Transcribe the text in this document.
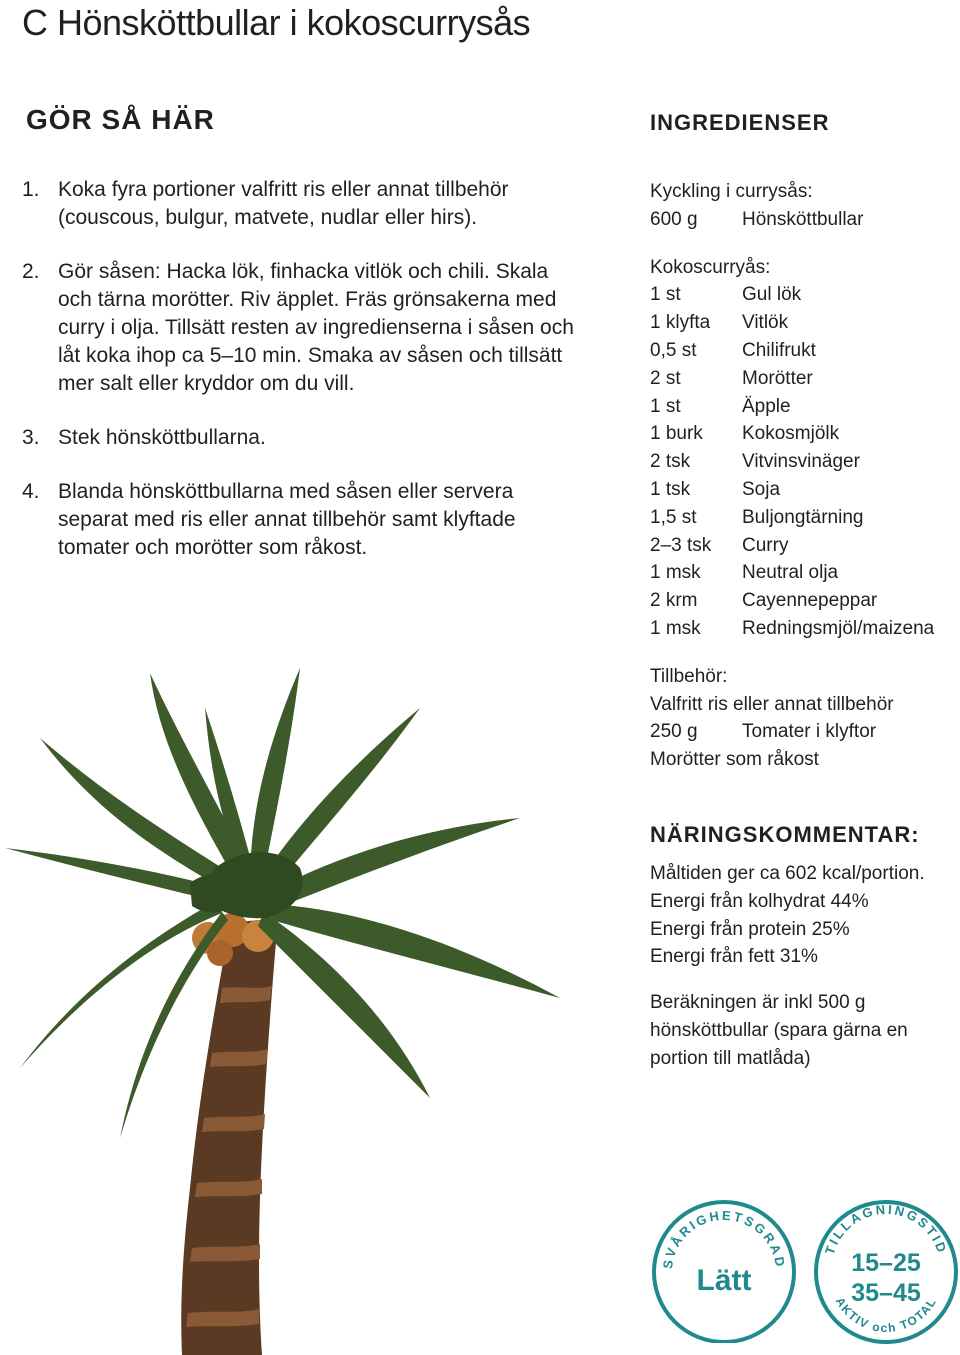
C Hönsköttbullar i kokoscurrysås
GÖR SÅ HÄR
1. Koka fyra portioner valfritt ris eller annat tillbehör (couscous, bulgur, matvete, nudlar eller hirs).
2. Gör såsen: Hacka lök, finhacka vitlök och chili. Skala och tärna morötter. Riv äpplet. Fräs grönsakerna med curry i olja. Tillsätt resten av ingredienserna i såsen och låt koka ihop ca 5–10 min. Smaka av såsen och tillsätt mer salt eller kryddor om du vill.
3. Stek hönsköttbullarna.
4. Blanda hönsköttbullarna med såsen eller servera separat med ris eller annat tillbehör samt klyftade tomater och morötter som råkost.
INGREDIENSER
Kyckling i currysås:
600 g	Hönsköttbullar
Kokoscurryås:
1 st	Gul lök
1 klyfta	Vitlök
0,5 st	Chilifrukt
2 st	Morötter
1 st	Äpple
1 burk	Kokosmjölk
2 tsk	Vitvinsvinäger
1 tsk	Soja
1,5 st	Buljongtärning
2–3 tsk	Curry
1 msk	Neutral olja
2 krm	Cayennepeppar
1 msk	Redningsmjöl/maizena
Tillbehör:
Valfritt ris eller annat tillbehör
250 g	Tomater i klyftor
Morötter som råkost
NÄRINGSKOMMENTAR:
Måltiden ger ca 602 kcal/portion.
Energi från kolhydrat 44%
Energi från protein 25%
Energi från fett 31%
Beräkningen är inkl 500 g
hönsköttbullar (spara gärna en
portion till matlåda)
SVÅRIGHETSGRAD
Lätt
TILLAGNINGSTID
15–25
35–45
AKTIV och TOTAL
